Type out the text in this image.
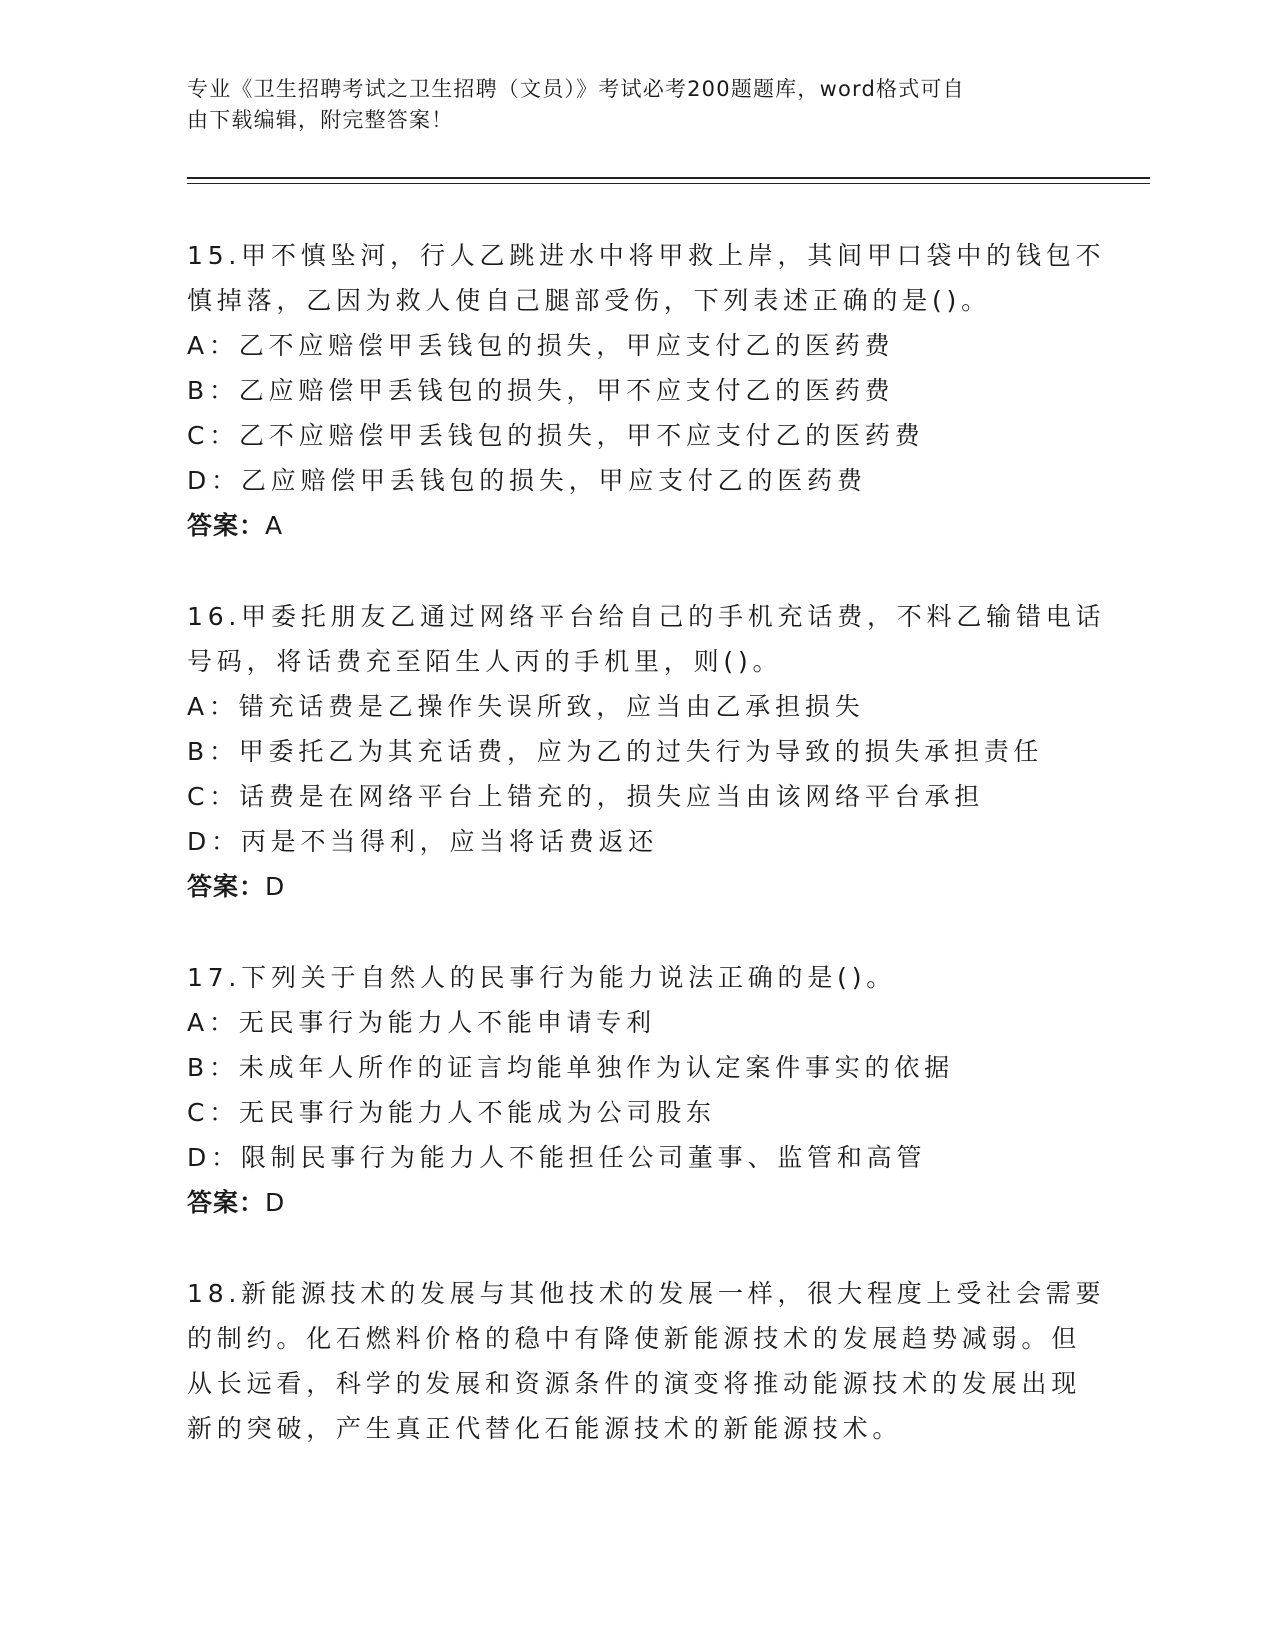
专业《卫生招聘考试之卫生招聘（文员）》考试必考200题题库，word格式可自
由下载编辑，附完整答案！
15.甲不慎坠河，行人乙跳进水中将甲救上岸，其间甲口袋中的钱包不
慎掉落，乙因为救人使自己腿部受伤，下列表述正确的是()。
A：乙不应赔偿甲丢钱包的损失，甲应支付乙的医药费
B：乙应赔偿甲丢钱包的损失，甲不应支付乙的医药费
C：乙不应赔偿甲丢钱包的损失，甲不应支付乙的医药费
D：乙应赔偿甲丢钱包的损失，甲应支付乙的医药费
答案：A
16.甲委托朋友乙通过网络平台给自己的手机充话费，不料乙输错电话
号码，将话费充至陌生人丙的手机里，则()。
A：错充话费是乙操作失误所致，应当由乙承担损失
B：甲委托乙为其充话费，应为乙的过失行为导致的损失承担责任
C：话费是在网络平台上错充的，损失应当由该网络平台承担
D：丙是不当得利，应当将话费返还
答案：D
17.下列关于自然人的民事行为能力说法正确的是()。
A：无民事行为能力人不能申请专利
B：未成年人所作的证言均能单独作为认定案件事实的依据
C：无民事行为能力人不能成为公司股东
D：限制民事行为能力人不能担任公司董事、监管和高管
答案：D
18.新能源技术的发展与其他技术的发展一样，很大程度上受社会需要
的制约。化石燃料价格的稳中有降使新能源技术的发展趋势减弱。但
从长远看，科学的发展和资源条件的演变将推动能源技术的发展出现
新的突破，产生真正代替化石能源技术的新能源技术。
